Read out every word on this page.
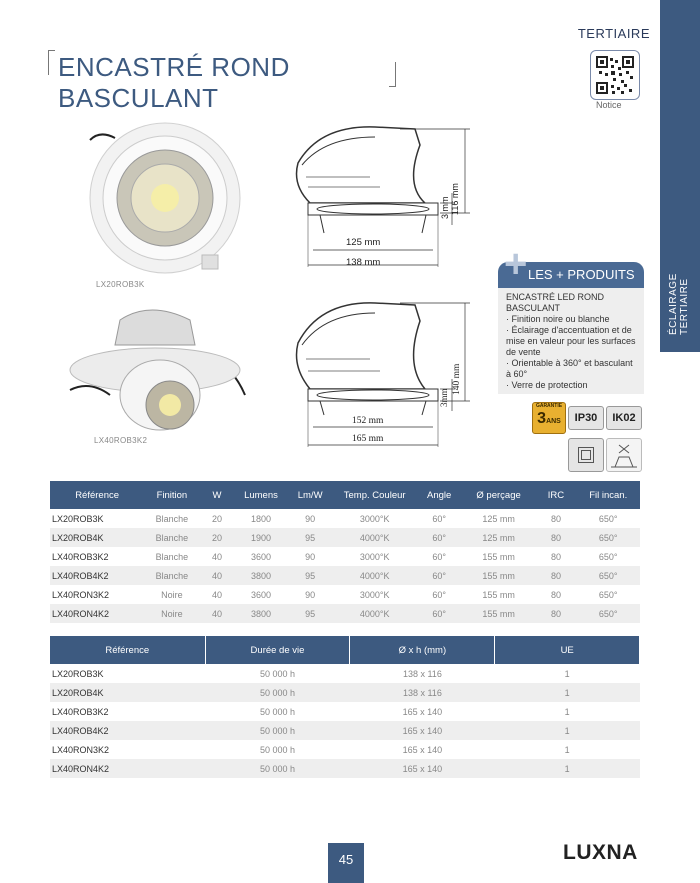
ÉCLAIRAGE TERTIAIRE
TERTIAIRE
Notice
ENCASTRÉ ROND BASCULANT
LX20ROB3K
LX40ROB3K2
116 mm
3 mm
125 mm
138 mm
140 mm
3mm
152 mm
165 mm
LES + PRODUITS
+
ENCASTRÉ LED ROND BASCULANT
· Finition noire ou blanche
· Éclairage d'accentuation et de mise en valeur pour les surfaces de vente
· Orientable à 360° et basculant à 60°
· Verre de protection
GARANTIE
3ANS	IP30	IK02
Référence	Finition	W	Lumens	Lm/W	Temp. Couleur	Angle	Ø perçage	IRC	Fil incan.
LX20ROB3K	Blanche	20	1800	90	3000°K	60°	125 mm	80	650°
LX20ROB4K	Blanche	20	1900	95	4000°K	60°	125 mm	80	650°
LX40ROB3K2	Blanche	40	3600	90	3000°K	60°	155 mm	80	650°
LX40ROB4K2	Blanche	40	3800	95	4000°K	60°	155 mm	80	650°
LX40RON3K2	Noire	40	3600	90	3000°K	60°	155 mm	80	650°
LX40RON4K2	Noire	40	3800	95	4000°K	60°	155 mm	80	650°
Référence	Durée de vie	Ø x h (mm)	UE
LX20ROB3K	50 000 h	138 x 116	1
LX20ROB4K	50 000 h	138 x 116	1
LX40ROB3K2	50 000 h	165 x 140	1
LX40ROB4K2	50 000 h	165 x 140	1
LX40RON3K2	50 000 h	165 x 140	1
LX40RON4K2	50 000 h	165 x 140	1
45	LUXNA
